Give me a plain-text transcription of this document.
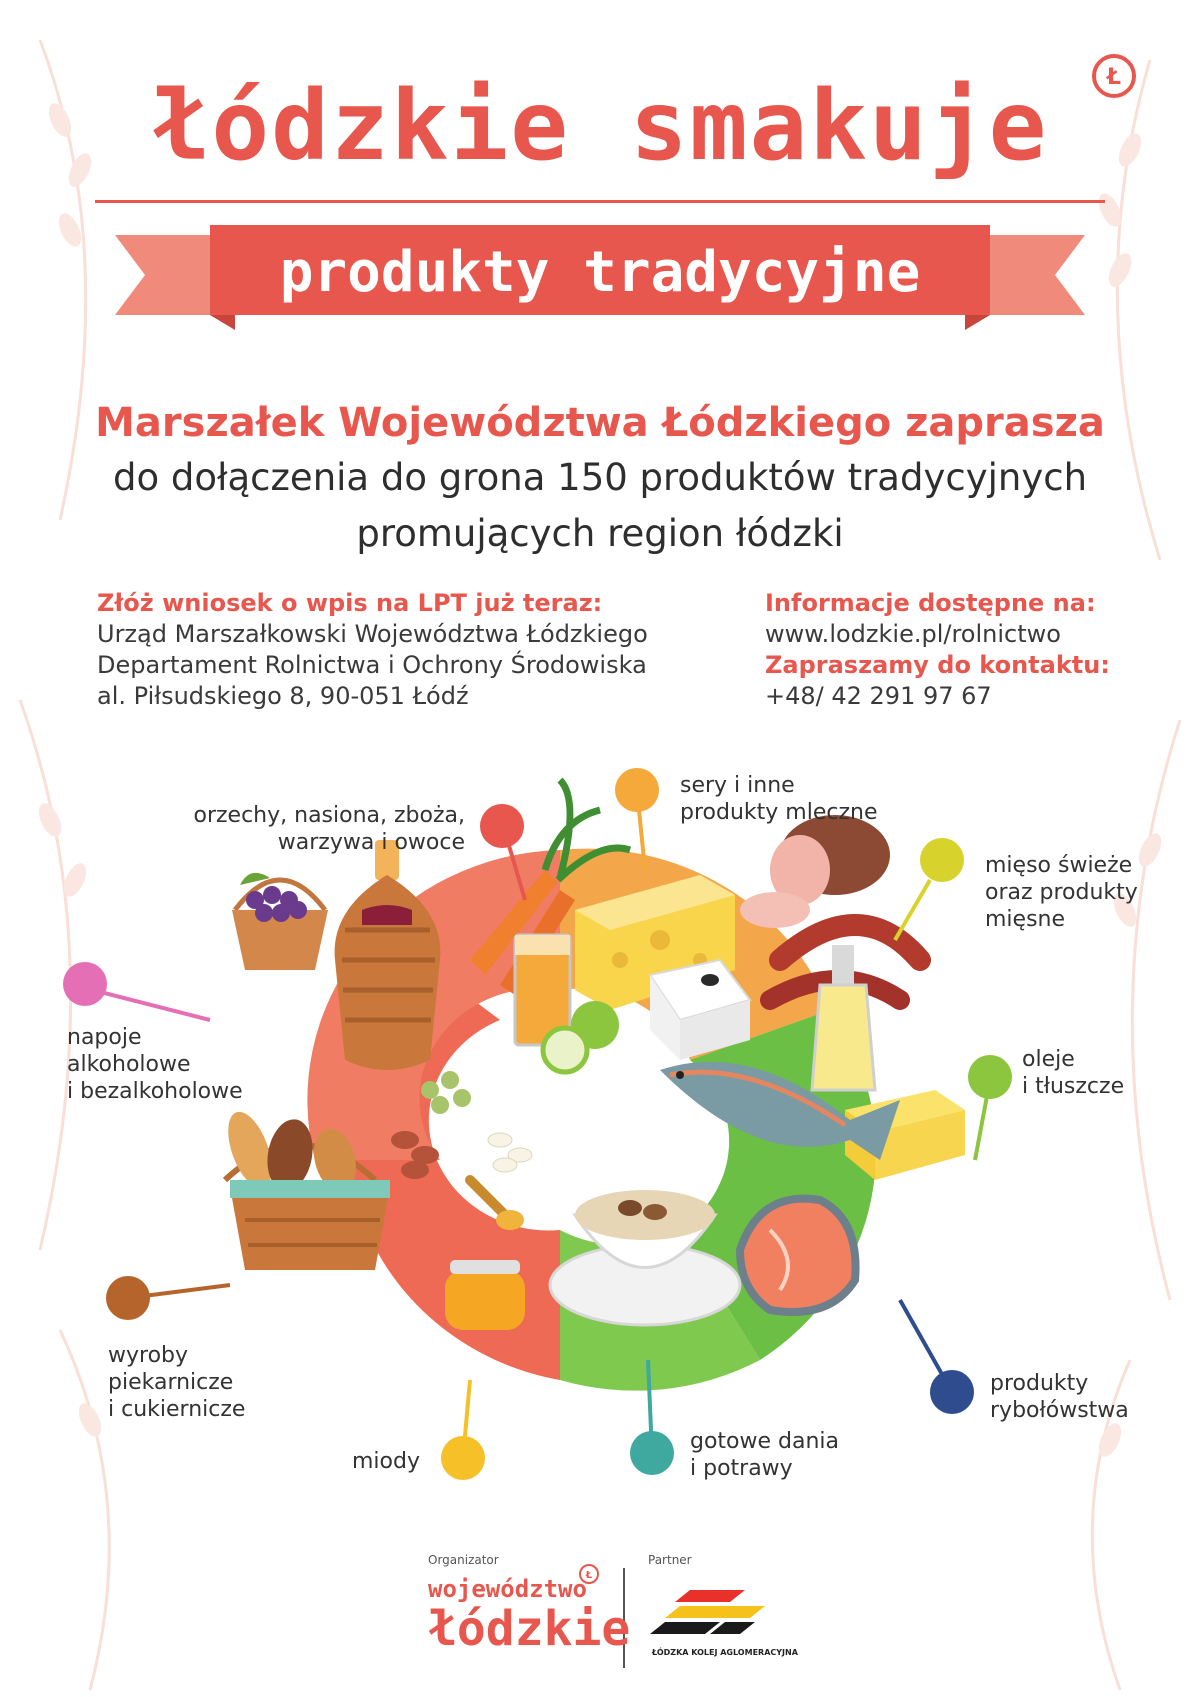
łódzkie smakuje	Ł
produkty tradycyjne
Marszałek Województwa Łódzkiego zaprasza
do dołączenia do grona 150 produktów tradycyjnych
promujących region łódzki
Złóż wniosek o wpis na LPT już teraz:
Urząd Marszałkowski Województwa Łódzkiego
Departament Rolnictwa i Ochrony Środowiska
al. Piłsudskiego 8, 90-051 Łódź
Informacje dostępne na:
www.lodzkie.pl/rolnictwo
Zapraszamy do kontaktu:
+48/ 42 291 97 67
orzechy, nasiona, zboża,
warzywa i owoce
sery i inne
produkty mleczne
mięso świeże
oraz produkty
mięsne
napoje
alkoholowe
i bezalkoholowe
oleje
i tłuszcze
wyroby
piekarnicze
i cukiernicze
produkty
rybołówstwa
miody
gotowe dania
i potrawy
Organizator	Partner
województwo
łódzkie
Ł
ŁÓDZKA KOLEJ AGLOMERACYJNA
